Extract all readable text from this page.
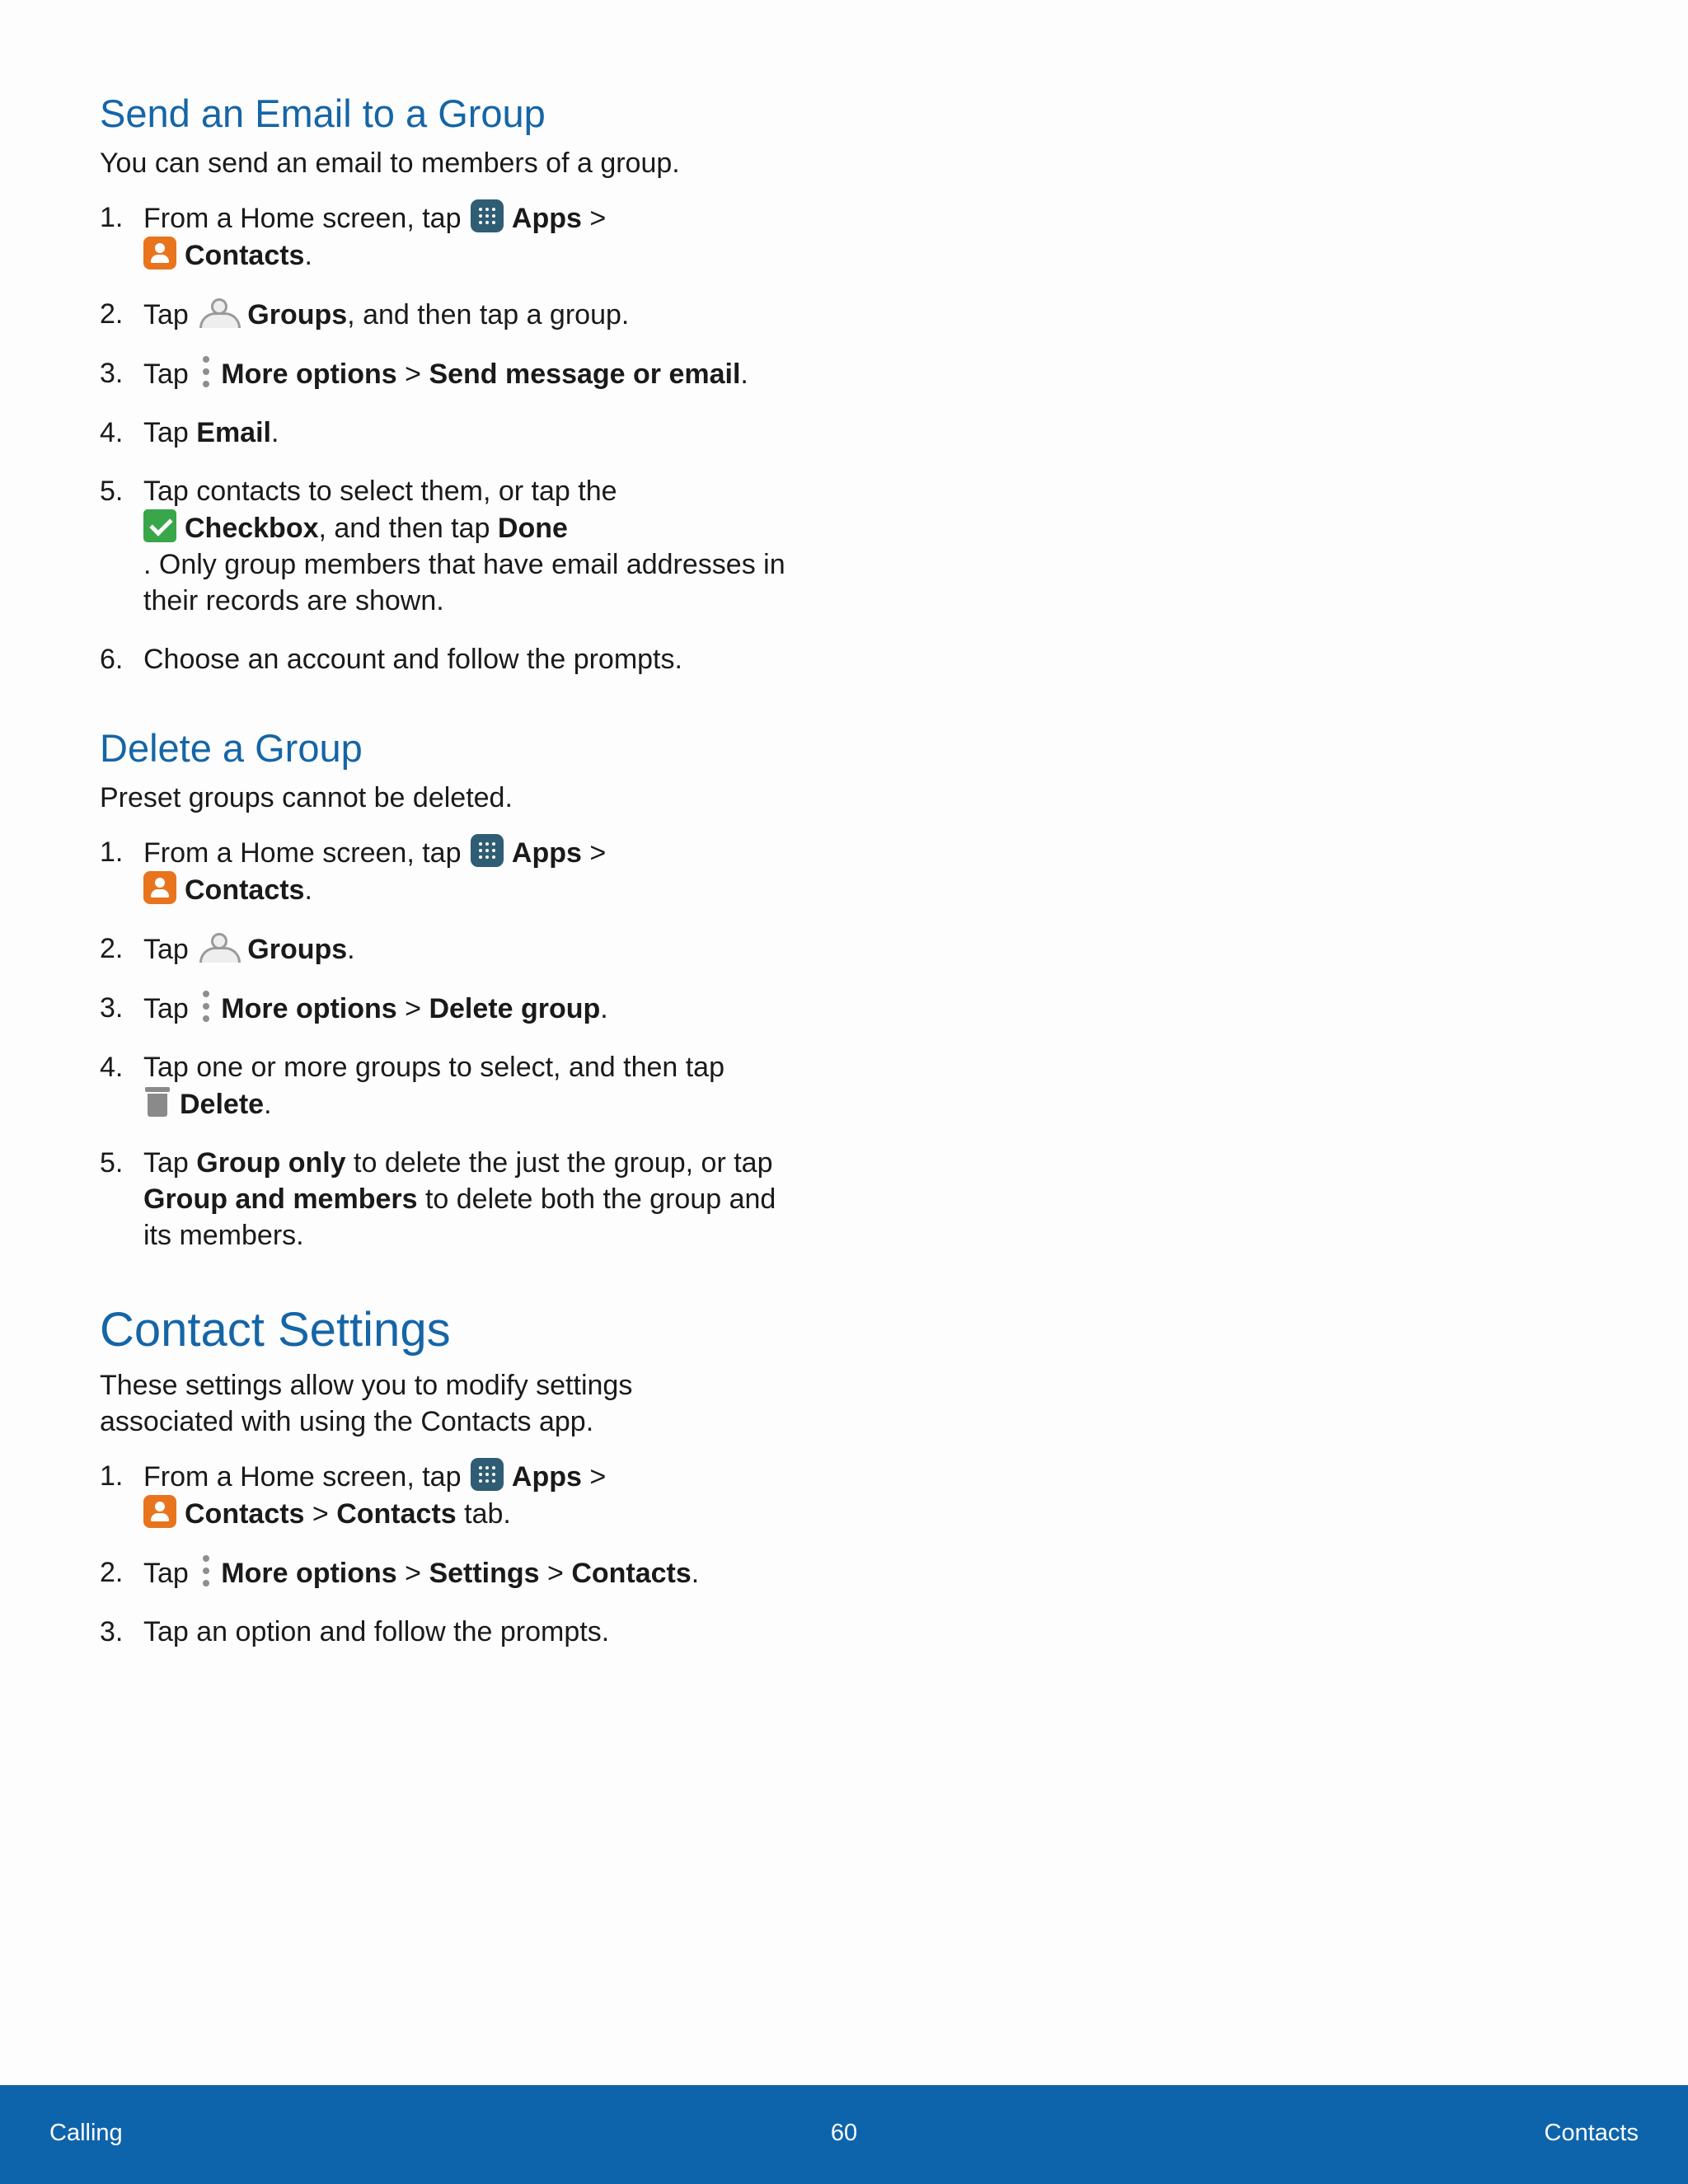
Send an Email to a Group

You can send an email to members of a group.

1. From a Home screen, tap Apps >
Contacts.
2. Tap Groups, and then tap a group.
3. Tap More options > Send message or email.
4. Tap Email.
5. Tap contacts to select them, or tap the
Checkbox, and then tap Done. Only group members that have email addresses in their records are shown.
6. Choose an account and follow the prompts.
Delete a Group

Preset groups cannot be deleted.

1. From a Home screen, tap Apps >
Contacts.
2. Tap Groups.
3. Tap More options > Delete group.
4. Tap one or more groups to select, and then tap
Delete.
5. Tap Group only to delete the just the group, or tap Group and members to delete both the group and its members.
Contact Settings

These settings allow you to modify settings associated with using the Contacts app.

1. From a Home screen, tap Apps >
Contacts > Contacts tab.
2. Tap More options > Settings > Contacts.
3. Tap an option and follow the prompts.
Calling	60	Contacts
